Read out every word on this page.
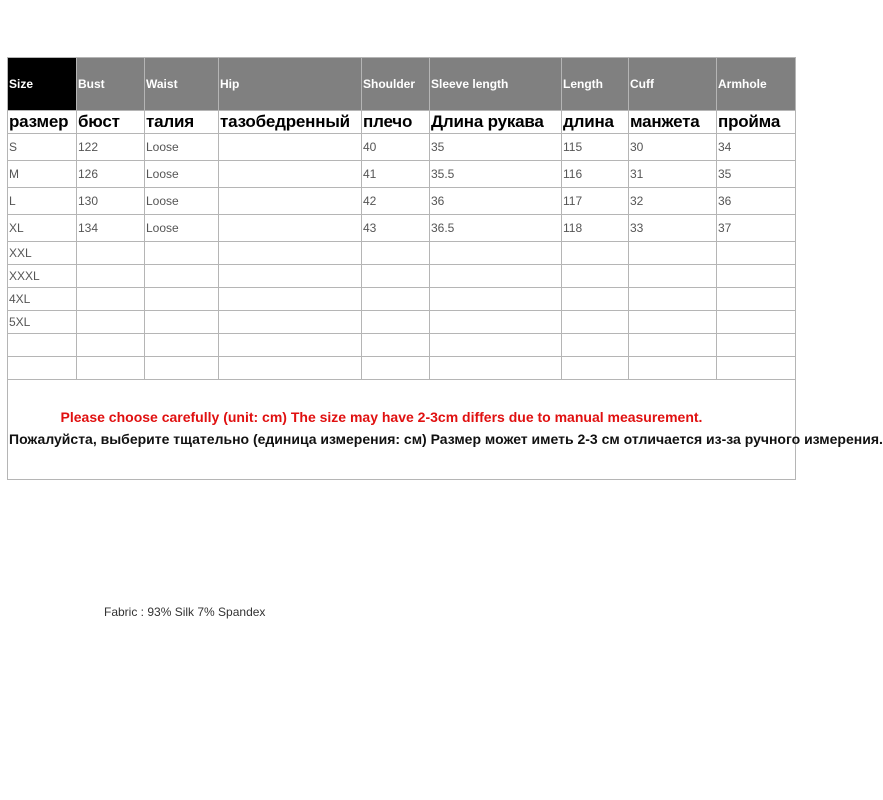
Size	Bust	Waist	Hip	Shoulder	Sleeve length	Length	Cuff	Armhole
размер	бюст	талия	тазобедренный	плечо	Длина рукава	длина	манжета	пройма
S	122	Loose		40	35	115	30	34
M	126	Loose		41	35.5	116	31	35
L	130	Loose		42	36	117	32	36
XL	134	Loose		43	36.5	118	33	37
XXL								
XXXL								
4XL								
5XL								

Please choose carefully (unit: cm) The size may have 2-3cm differs due to manual measurement.
Пожалуйста, выберите тщательно (единица измерения: см) Размер может иметь 2-3 см отличается из-за ручного измерения.								
Fabric : 93% Silk 7% Spandex
